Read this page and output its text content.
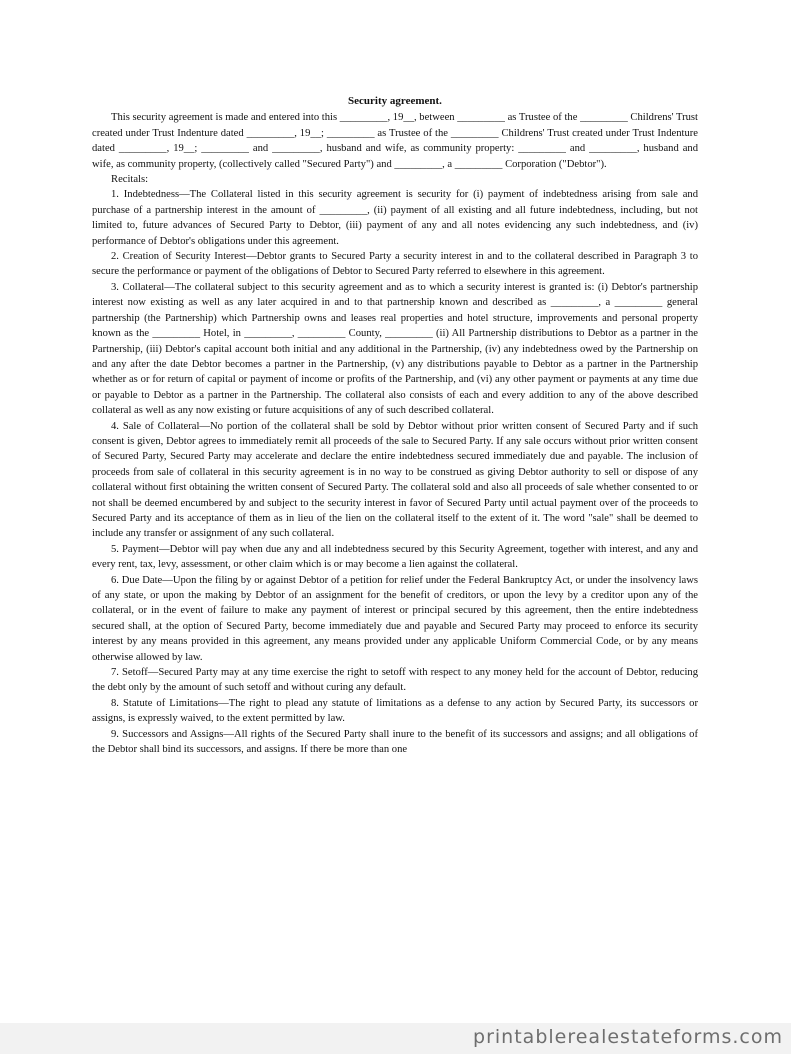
Security agreement.

This security agreement is made and entered into this _________, 19__, between _________ as Trustee of the _________ Childrens' Trust created under Trust Indenture dated _________, 19__; _________ as Trustee of the _________ Childrens' Trust created under Trust Indenture dated _________, 19__; _________ and _________, husband and wife, as community property: _________ and _________, husband and wife, as community property, (collectively called "Secured Party") and _________, a _________ Corporation ("Debtor").

Recitals:

1. Indebtedness—The Collateral listed in this security agreement is security for (i) payment of indebtedness arising from sale and purchase of a partnership interest in the amount of _________, (ii) payment of all existing and all future indebtedness, including, but not limited to, future advances of Secured Party to Debtor, (iii) payment of any and all notes evidencing any such indebtedness, and (iv) performance of Debtor's obligations under this agreement.

2. Creation of Security Interest—Debtor grants to Secured Party a security interest in and to the collateral described in Paragraph 3 to secure the performance or payment of the obligations of Debtor to Secured Party referred to elsewhere in this agreement.

3. Collateral—The collateral subject to this security agreement and as to which a security interest is granted is: (i) Debtor's partnership interest now existing as well as any later acquired in and to that partnership known and described as _________, a _________ general partnership (the Partnership) which Partnership owns and leases real properties and hotel structure, improvements and personal property known as the _________ Hotel, in _________, _________ County, _________ (ii) All Partnership distributions to Debtor as a partner in the Partnership, (iii) Debtor's capital account both initial and any additional in the Partnership, (iv) any indebtedness owed by the Partnership on and any after the date Debtor becomes a partner in the Partnership, (v) any distributions payable to Debtor as a partner in the Partnership whether as or for return of capital or payment of income or profits of the Partnership, and (vi) any other payment or payments at any time due or payable to Debtor as a partner in the Partnership. The collateral also consists of each and every addition to any of the above described collateral as well as any now existing or future acquisitions of any of such described collateral.

4. Sale of Collateral—No portion of the collateral shall be sold by Debtor without prior written consent of Secured Party and if such consent is given, Debtor agrees to immediately remit all proceeds of the sale to Secured Party. If any sale occurs without prior written consent of Secured Party, Secured Party may accelerate and declare the entire indebtedness secured immediately due and payable. The inclusion of proceeds from sale of collateral in this security agreement is in no way to be construed as giving Debtor authority to sell or dispose of any collateral without first obtaining the written consent of Secured Party. The collateral sold and also all proceeds of sale whether consented to or not shall be deemed encumbered by and subject to the security interest in favor of Secured Party until actual payment over of the proceeds to Secured Party and its acceptance of them as in lieu of the lien on the collateral itself to the extent of it. The word "sale" shall be deemed to include any transfer or assignment of any such collateral.

5. Payment—Debtor will pay when due any and all indebtedness secured by this Security Agreement, together with interest, and any and every rent, tax, levy, assessment, or other claim which is or may become a lien against the collateral.

6. Due Date—Upon the filing by or against Debtor of a petition for relief under the Federal Bankruptcy Act, or under the insolvency laws of any state, or upon the making by Debtor of an assignment for the benefit of creditors, or upon the levy by a creditor upon any of the collateral, or in the event of failure to make any payment of interest or principal secured by this agreement, then the entire indebtedness secured shall, at the option of Secured Party, become immediately due and payable and Secured Party may proceed to enforce its security interest by any means provided in this agreement, any means provided under any applicable Uniform Commercial Code, or by any means otherwise allowed by law.

7. Setoff—Secured Party may at any time exercise the right to setoff with respect to any money held for the account of Debtor, reducing the debt only by the amount of such setoff and without curing any default.

8. Statute of Limitations—The right to plead any statute of limitations as a defense to any action by Secured Party, its successors or assigns, is expressly waived, to the extent permitted by law.

9. Successors and Assigns—All rights of the Secured Party shall inure to the benefit of its successors and assigns; and all obligations of the Debtor shall bind its successors, and assigns. If there be more than one

printablerealestateforms.com
